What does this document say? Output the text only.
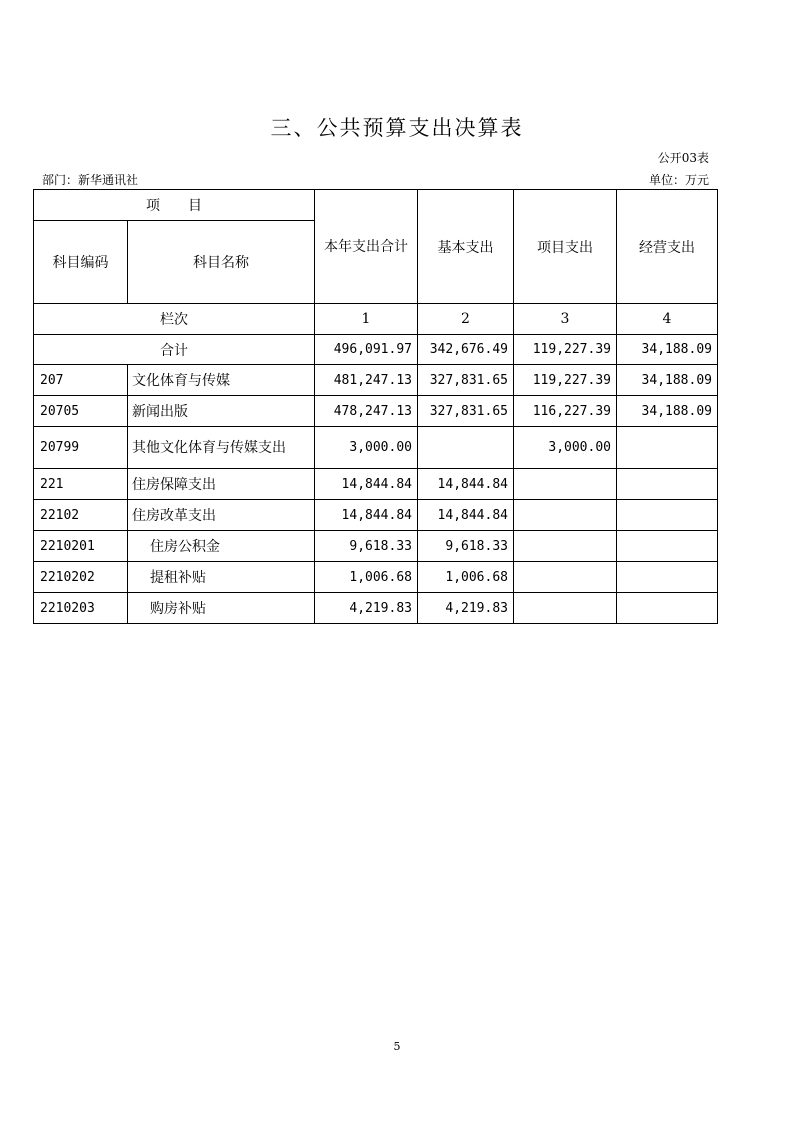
三、公共预算支出决算表
公开03表
部门：新华通讯社	单位：万元
项　　目		本年支出合计	基本支出	项目支出	经营支出
科目编码	科目名称				
栏次		1	2	3	4
合计		496,091.97	342,676.49	119,227.39	34,188.09
207	文化体育与传媒	481,247.13	327,831.65	119,227.39	34,188.09
20705	新闻出版	478,247.13	327,831.65	116,227.39	34,188.09
20799	其他文化体育与传媒支出	3,000.00		3,000.00	
221	住房保障支出	14,844.84	14,844.84		
22102	住房改革支出	14,844.84	14,844.84		
2210201	住房公积金	9,618.33	9,618.33		
2210202	提租补贴	1,006.68	1,006.68		
2210203	购房补贴	4,219.83	4,219.83		
5
